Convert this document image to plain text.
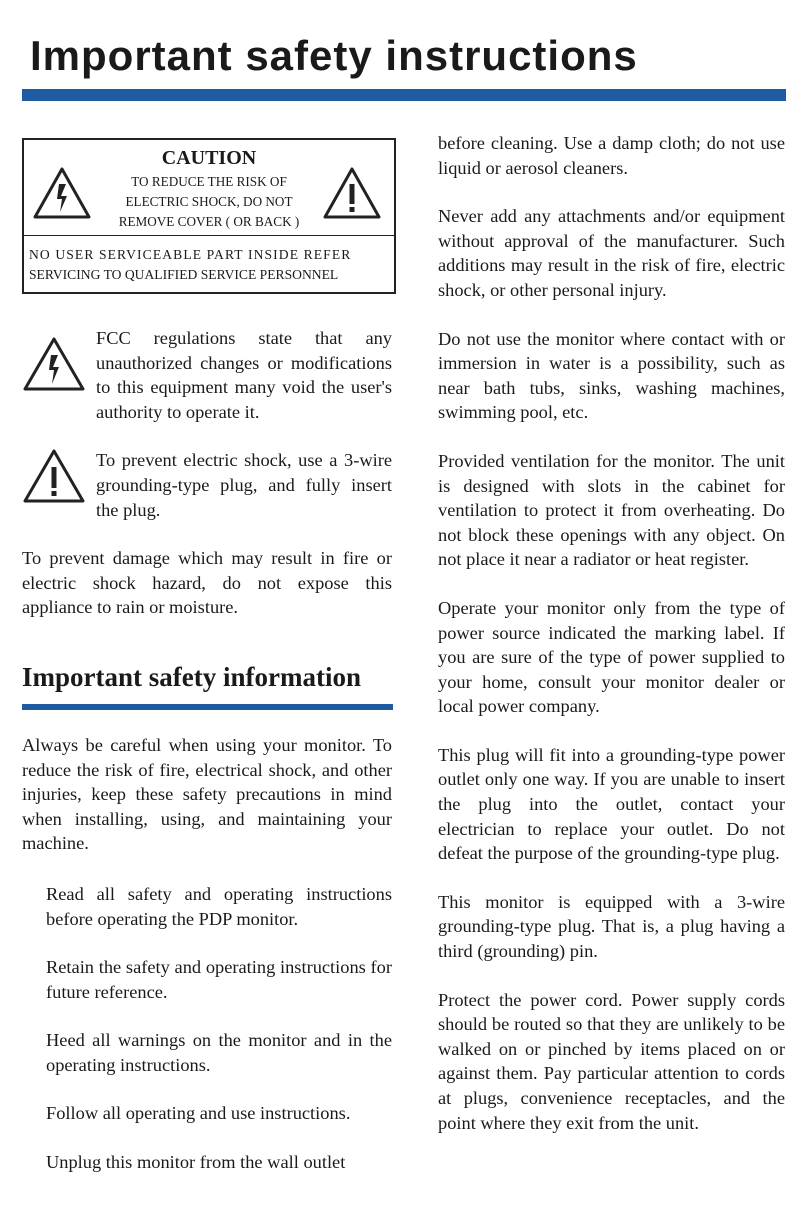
Important safety instructions
CAUTION
TO REDUCE THE RISK OF
ELECTRIC SHOCK, DO NOT
REMOVE COVER ( OR BACK )
NO USER SERVICEABLE PART INSIDE REFER
SERVICING TO QUALIFIED SERVICE PERSONNEL

FCC regulations state that any unauthorized changes or modifications to this equipment many void the user's authority to operate it.

To prevent electric shock, use a 3-wire grounding-type plug, and fully insert the plug.

To prevent damage which may result in fire or electric shock hazard, do not expose this appliance to rain or moisture.

Important safety information

Always be careful when using your monitor. To reduce the risk of fire, electrical shock, and other injuries, keep these safety precautions in mind when installing, using, and maintaining your machine.

Read all safety and operating instructions before operating the PDP monitor.

Retain the safety and operating instructions for future reference.

Heed all warnings on the monitor and in the operating instructions.

Follow all operating and use instructions.

Unplug this monitor from the wall outlet

before cleaning. Use a damp cloth; do not use liquid or aerosol cleaners.

Never add any attachments and/or equipment without approval of the manufacturer. Such additions may result in the risk of fire, electric shock, or other personal injury.

Do not use the monitor where contact with or immersion in water is a possibility, such as near bath tubs, sinks, washing machines, swimming pool, etc.

Provided ventilation for the monitor. The unit is designed with slots in the cabinet for ventilation to protect it from overheating. Do not block these openings with any object. On not place it near a radiator or heat register.

Operate your monitor only from the type of power source indicated the marking label. If you are sure of the type of power supplied to your home, consult your monitor dealer or local power company.

This plug will fit into a grounding-type power outlet only one way. If you are unable to insert the plug into the outlet, contact your electrician to replace your outlet. Do not defeat the purpose of the grounding-type plug.

This monitor is equipped with a 3-wire grounding-type plug. That is, a plug having a third (grounding) pin.

Protect the power cord. Power supply cords should be routed so that they are unlikely to be walked on or pinched by items placed on or against them. Pay particular attention to cords at plugs, convenience receptacles, and the point where they exit from the unit.
